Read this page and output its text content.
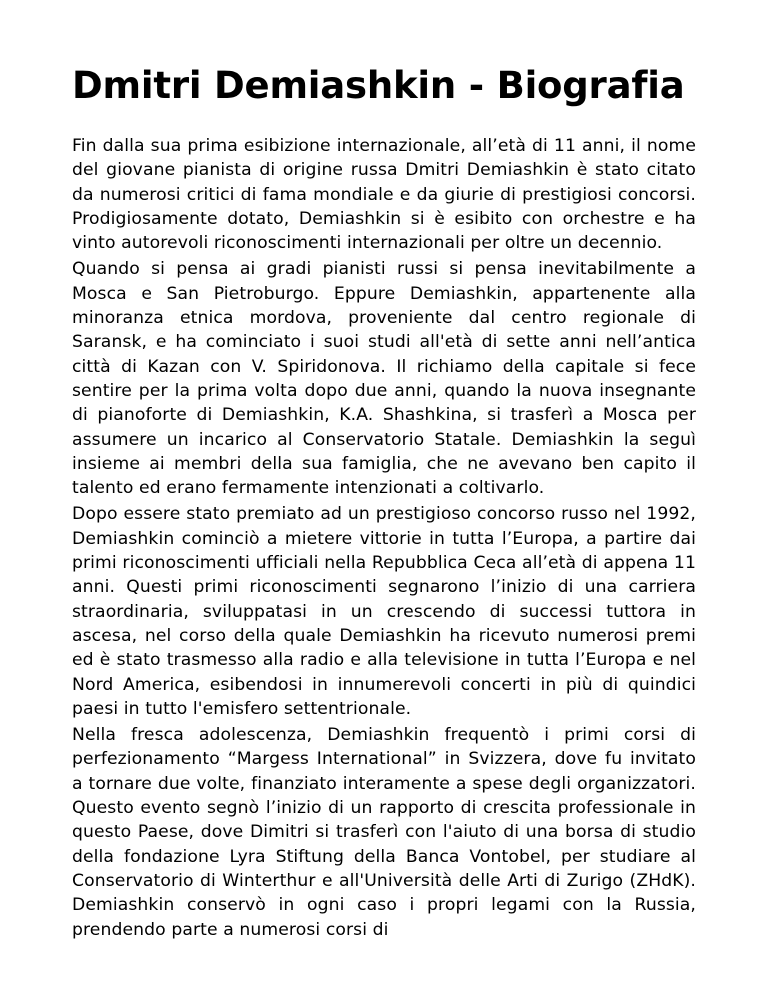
Dmitri Demiashkin - Biografia

Fin dalla sua prima esibizione internazionale, all’età di 11 anni, il nome del giovane pianista di origine russa Dmitri Demiashkin è stato citato da numerosi critici di fama mondiale e da giurie di prestigiosi concorsi. Prodigiosamente dotato, Demiashkin si è esibito con orchestre e ha vinto autorevoli riconoscimenti internazionali per oltre un decennio.

Quando si pensa ai gradi pianisti russi si pensa inevitabilmente a Mosca e San Pietroburgo. Eppure Demiashkin, appartenente alla minoranza etnica mordova, proveniente dal centro regionale di Saransk, e ha cominciato i suoi studi all'età di sette anni nell’antica città di Kazan con V. Spiridonova. Il richiamo della capitale si fece sentire per la prima volta dopo due anni, quando la nuova insegnante di pianoforte di Demiashkin, K.A. Shashkina, si trasferì a Mosca per assumere un incarico al Conservatorio Statale. Demiashkin la seguì insieme ai membri della sua famiglia, che ne avevano ben capito il talento ed erano fermamente intenzionati a coltivarlo.

Dopo essere stato premiato ad un prestigioso concorso russo nel 1992, Demiashkin cominciò a mietere vittorie in tutta l’Europa, a partire dai primi riconoscimenti ufficiali nella Repubblica Ceca all’età di appena 11 anni. Questi primi riconoscimenti segnarono l’inizio di una carriera straordinaria, sviluppatasi in un crescendo di successi tuttora in ascesa, nel corso della quale Demiashkin ha ricevuto numerosi premi ed è stato trasmesso alla radio e alla televisione in tutta l’Europa e nel Nord America, esibendosi in innumerevoli concerti in più di quindici paesi in tutto l'emisfero settentrionale.

Nella fresca adolescenza, Demiashkin frequentò i primi corsi di perfezionamento “Margess International” in Svizzera, dove fu invitato a tornare due volte, finanziato interamente a spese degli organizzatori. Questo evento segnò l’inizio di un rapporto di crescita professionale in questo Paese, dove Dimitri si trasferì con l'aiuto di una borsa di studio della fondazione Lyra Stiftung della Banca Vontobel, per studiare al Conservatorio di Winterthur e all'Università delle Arti di Zurigo (ZHdK). Demiashkin conservò in ogni caso i propri legami con la Russia, prendendo parte a numerosi corsi di
